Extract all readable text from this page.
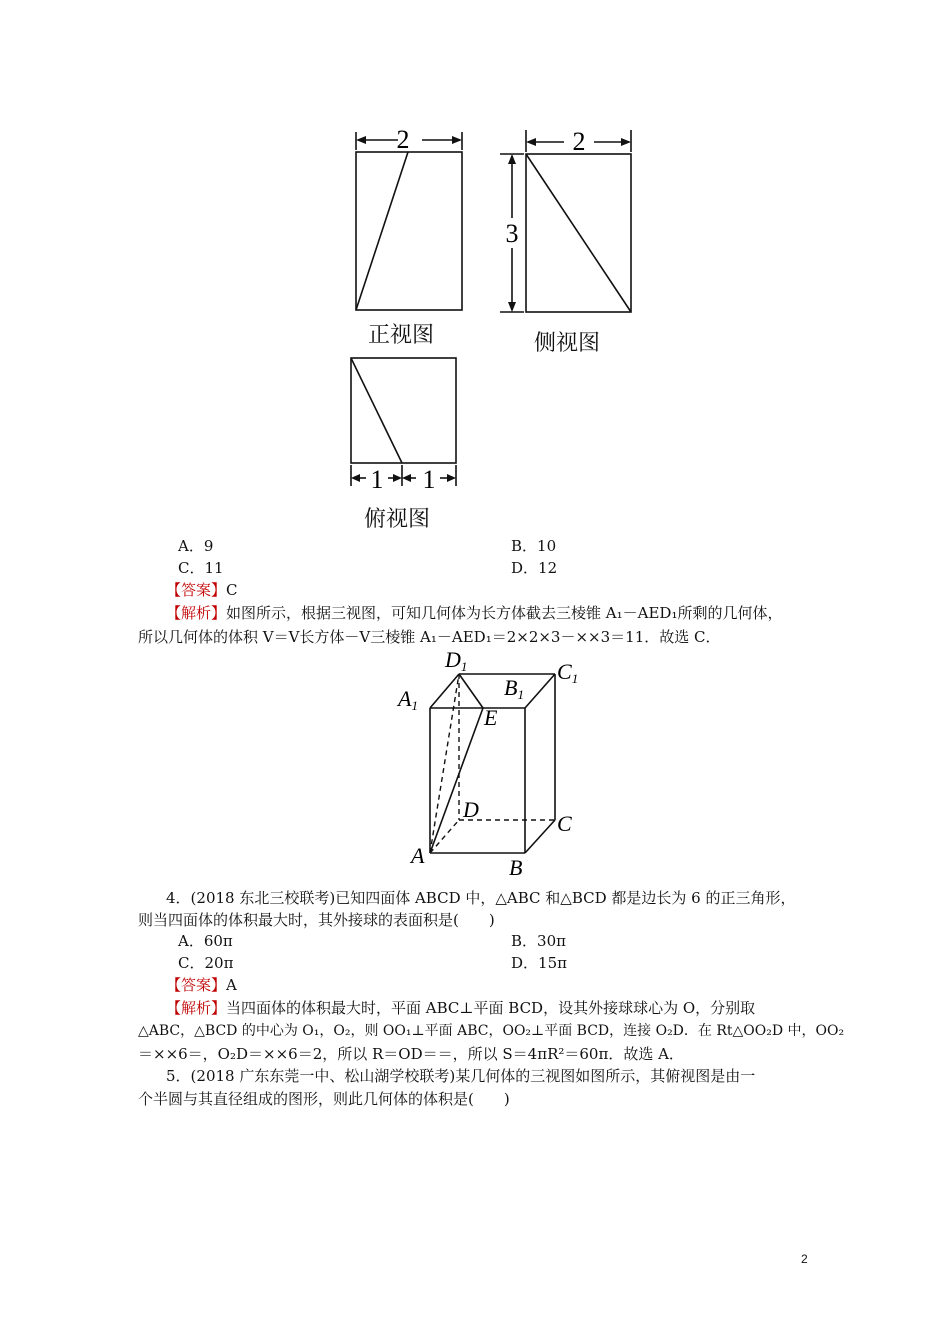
2
正视图
2
3
侧视图
1 1
俯视图
A．9	B．10
C．11	D．12
【答案】C
【解析】如图所示，根据三视图，可知几何体为长方体截去三棱锥 A₁－AED₁所剩的几何体，
所以几何体的体积 V＝V长方体－V三棱锥 A₁－AED₁＝2×2×3－××3＝11．故选 C．
D1
B1
C1
A1	E
D
C
A	B
4．(2018 东北三校联考)已知四面体 ABCD 中，△ABC 和△BCD 都是边长为 6 的正三角形，
则当四面体的体积最大时，其外接球的表面积是(　　)
A．60π	B．30π
C．20π	D．15π
【答案】A
【解析】当四面体的体积最大时，平面 ABC⊥平面 BCD，设其外接球球心为 O，分别取
△ABC，△BCD 的中心为 O₁，O₂，则 OO₁⊥平面 ABC，OO₂⊥平面 BCD，连接 O₂D．在 Rt△OO₂D 中，OO₂
＝××6＝，O₂D＝××6＝2，所以 R＝OD＝＝，所以 S＝4πR²＝60π．故选 A．
5．(2018 广东东莞一中、松山湖学校联考)某几何体的三视图如图所示，其俯视图是由一
个半圆与其直径组成的图形，则此几何体的体积是(　　)
2
